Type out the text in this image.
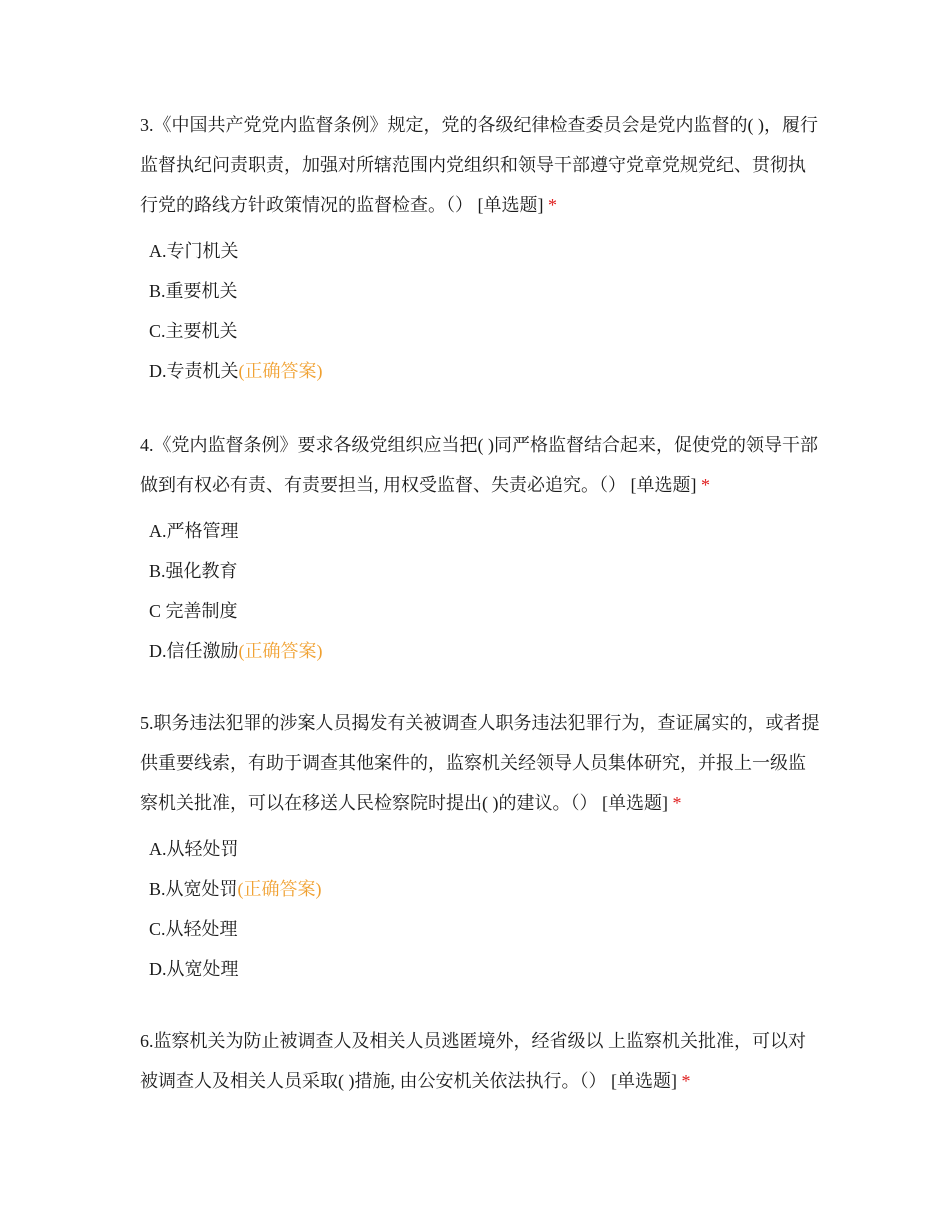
3.《中国共产党党内监督条例》规定，党的各级纪律检查委员会是党内监督的( )，履行监督执纪问责职责，加强对所辖范围内党组织和领导干部遵守党章党规党纪、贯彻执行党的路线方针政策情况的监督检查。（） [单选题] *

A.专门机关
B.重要机关
C.主要机关
D.专责机关(正确答案)

4.《党内监督条例》要求各级党组织应当把( )同严格监督结合起来，促使党的领导干部做到有权必有责、有责要担当, 用权受监督、失责必追究。（） [单选题] *

A.严格管理
B.强化教育
C 完善制度
D.信任激励(正确答案)

5.职务违法犯罪的涉案人员揭发有关被调查人职务违法犯罪行为，查证属实的，或者提供重要线索，有助于调查其他案件的，监察机关经领导人员集体研究，并报上一级监察机关批准，可以在移送人民检察院时提出( )的建议。（） [单选题] *

A.从轻处罚
B.从宽处罚(正确答案)
C.从轻处理
D.从宽处理

6.监察机关为防止被调查人及相关人员逃匿境外，经省级以 上监察机关批准，可以对被调查人及相关人员采取( )措施, 由公安机关依法执行。（） [单选题] *
